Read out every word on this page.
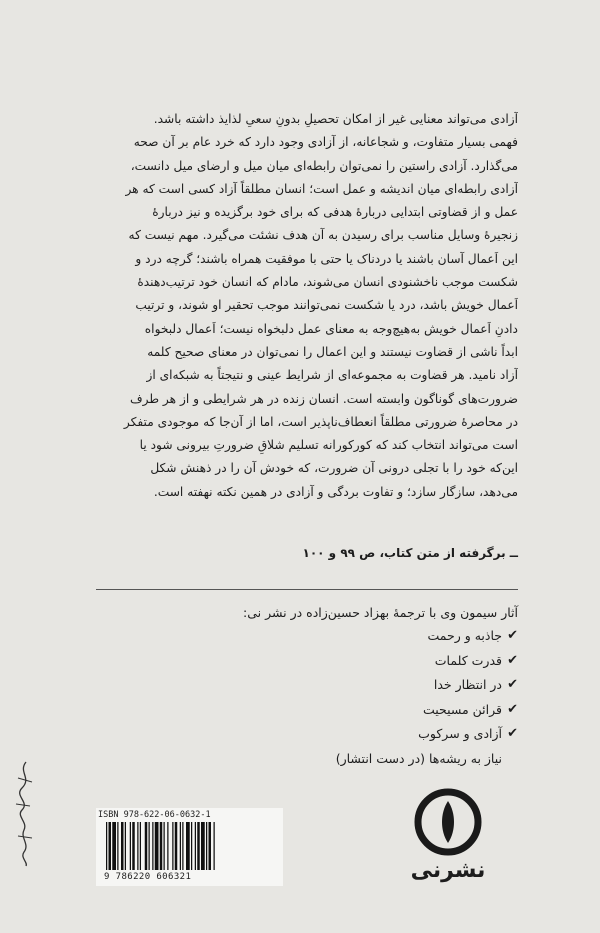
آزادی می‌تواند معنایی غیر از امکان تحصیلِ بدونِ سعیِ لذایذ داشته باشد.
فهمی بسیار متفاوت، و شجاعانه، از آزادی وجود دارد که خرد عام بر آن صحه
می‌گذارد. آزادی راستین را نمی‌توان رابطه‌ای میان میل و ارضای میل دانست،
آزادی رابطه‌ای میان اندیشه و عمل است؛ انسان مطلقاً آزاد کسی است که هر
عمل و از قضاوتی ابتدایی دربارهٔ هدفی که برای خود برگزیده و نیز دربارهٔ
زنجیرهٔ وسایل مناسب برای رسیدن به آن هدف نشئت می‌گیرد. مهم نیست که
این اَعمال آسان باشند یا دردناک یا حتی با موفقیت همراه باشند؛ گرچه درد و
شکست موجب ناخشنودی انسان می‌شوند، مادام که انسان خود ترتیب‌دهندهٔ
اَعمال خویش باشد، درد یا شکست نمی‌توانند موجب تحقیر او شوند، و ترتیب
دادنِ اَعمال خویش به‌هیچ‌وجه به معنای عمل دلبخواه نیست؛ اَعمال دلبخواه
ابداً ناشی از قضاوت نیستند و این اعمال را نمی‌توان در معنای صحیح کلمه
آزاد نامید. هر قضاوت به مجموعه‌ای از شرایط عینی و نتیجتاً به شبکه‌ای از
ضرورت‌های گوناگون وابسته است. انسان زنده در هر شرایطی و از هر طرف
در محاصرهٔ ضرورتی مطلقاً انعطاف‌ناپذیر است، اما از آن‌جا که موجودی متفکر
است می‌تواند انتخاب کند که کورکورانه تسلیم شلاقِ ضرورتِ بیرونی شود یا
این‌که خود را با تجلی درونی آن ضرورت، که خودش آن را در ذهنش شکل
می‌دهد، سازگار سازد؛ و تفاوت بردگی و آزادی در همین نکته نهفته است.
ــ برگرفته از متن کتاب، ص ۹۹ و ۱۰۰
آثار سیمون وی با ترجمهٔ بهزاد حسین‌زاده در نشر نی:
✔
جاذبه و رحمت
✔
قدرت کلمات
✔
در انتظار خدا
✔
قرائن مسیحیت
✔
آزادی و سرکوب
نیاز به ریشه‌ها (در دست انتشار)
ISBN 978-622-06-0632-1
9 786220 606321	نشرنی
